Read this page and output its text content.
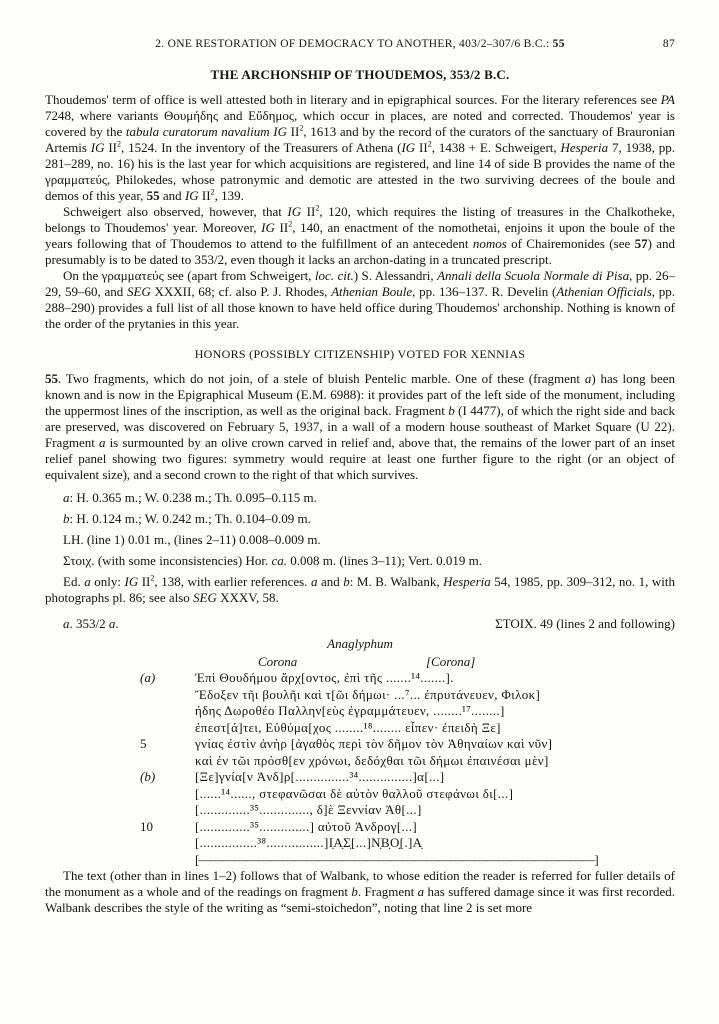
2. ONE RESTORATION OF DEMOCRACY TO ANOTHER, 403/2–307/6 B.C.: 55	87
THE ARCHONSHIP OF THOUDEMOS, 353/2 B.C.

Thoudemos' term of office is well attested both in literary and in epigraphical sources. For the literary references see PA 7248, where variants Θουμήδης and Εὔδημος, which occur in places, are noted and corrected. Thoudemos' year is covered by the tabula curatorum navalium IG $II^2$, 1613 and by the record of the curators of the sanctuary of Brauronian Artemis IG $II^2$, 1524. In the inventory of the Treasurers of Athena (IG $II^2$, 1438 + E. Schweigert, Hesperia 7, 1938, pp. 281–289, no. 16) his is the last year for which acquisitions are registered, and line 14 of side B provides the name of the γραμματεύς, Philokedes, whose patronymic and demotic are attested in the two surviving decrees of the boule and demos of this year, 55 and IG $II^2$, 139.

Schweigert also observed, however, that IG $II^2$, 120, which requires the listing of treasures in the Chalkotheke, belongs to Thoudemos' year. Moreover, IG $II^2$, 140, an enactment of the nomothetai, enjoins it upon the boule of the years following that of Thoudemos to attend to the fulfillment of an antecedent nomos of Chairemonides (see 57) and presumably is to be dated to 353/2, even though it lacks an archon-dating in a truncated prescript.

On the γραμματεύς see (apart from Schweigert, loc. cit.) S. Alessandri, Annali della Scuola Normale di Pisa, pp. 26–29, 59–60, and SEG XXXII, 68; cf. also P. J. Rhodes, Athenian Boule, pp. 136–137. R. Develin (Athenian Officials, pp. 288–290) provides a full list of all those known to have held office during Thoudemos' archonship. Nothing is known of the order of the prytanies in this year.

HONORS (POSSIBLY CITIZENSHIP) VOTED FOR XENNIAS

55. Two fragments, which do not join, of a stele of bluish Pentelic marble. One of these (fragment a) has long been known and is now in the Epigraphical Museum (E.M. 6988): it provides part of the left side of the monument, including the uppermost lines of the inscription, as well as the original back. Fragment b (I 4477), of which the right side and back are preserved, was discovered on February 5, 1937, in a wall of a modern house southeast of Market Square (U 22). Fragment a is surmounted by an olive crown carved in relief and, above that, the remains of the lower part of an inset relief panel showing two figures: symmetry would require at least one further figure to the right (or an object of equivalent size), and a second crown to the right of that which survives.

a: H. 0.365 m.; W. 0.238 m.; Th. 0.095–0.115 m.

b: H. 0.124 m.; W. 0.242 m.; Th. 0.104–0.09 m.

LH. (line 1) 0.01 m., (lines 2–11) 0.008–0.009 m.

Στοιχ. (with some inconsistencies) Hor. ca. 0.008 m. (lines 3–11); Vert. 0.019 m.

Ed. a only: IG $II^2$, 138, with earlier references. a and b: M. B. Walbank, Hesperia 54, 1985, pp. 309–312, no. 1, with photographs pl. 86; see also SEG XXXV, 58.

a. 353/2 a.	ΣΤΟΙΧ. 49 (lines 2 and following)
Anaglyphum
Corona	[Corona]
(a)	Ἐπὶ Θουδήμου ἄρχ[οντος, ἐπὶ τῆς .......¹⁴.......].
Ἔδοξεν τῆι βουλῆι καὶ τ[ῶι δήμωι· ...⁷... ἐπρυτάνευεν, Φιλοκ]
ήδης Δωροθέο Παλλην[εὺς ἐγραμμάτευεν, ........¹⁷........]
ἐπεστ[ά]τει, Εὐθύμα[χος ........¹⁸........ εἶπεν· ἐπειδὴ Ξε]
5	γνίας ἐστὶν ἀνὴρ [ἀγαθὸς περὶ τὸν δῆμον τὸν Ἀθηναίων καὶ νῦν]
καὶ ἐν τῶι πρόσθ[εν χρόνωι, δεδόχθαι τῶι δήμωι ἐπαινέσαι μὲν]
(b)	[Ξε]γνία[ν Ἀνδ]ρ[...............³⁴...............]α[...]
[......¹⁴......, στεφανῶσαι δὲ αὐτὸν θαλλοῦ στεφάνωι δι[...]
[..............³⁵.............., δ]ὲ Ξεννίαν Ἀθ[...]
10	[..............³⁵..............] αὐτοῦ Ἀνδρογ[...]
[................³⁸................]Ι̣Α̣Σ̣[...]Ν̣Β̣Ο̣[.]Α̣
[—————————————————————————————————]

The text (other than in lines 1–2) follows that of Walbank, to whose edition the reader is referred for fuller details of the monument as a whole and of the readings on fragment b. Fragment a has suffered damage since it was first recorded. Walbank describes the style of the writing as “semi-stoichedon”, noting that line 2 is set more
